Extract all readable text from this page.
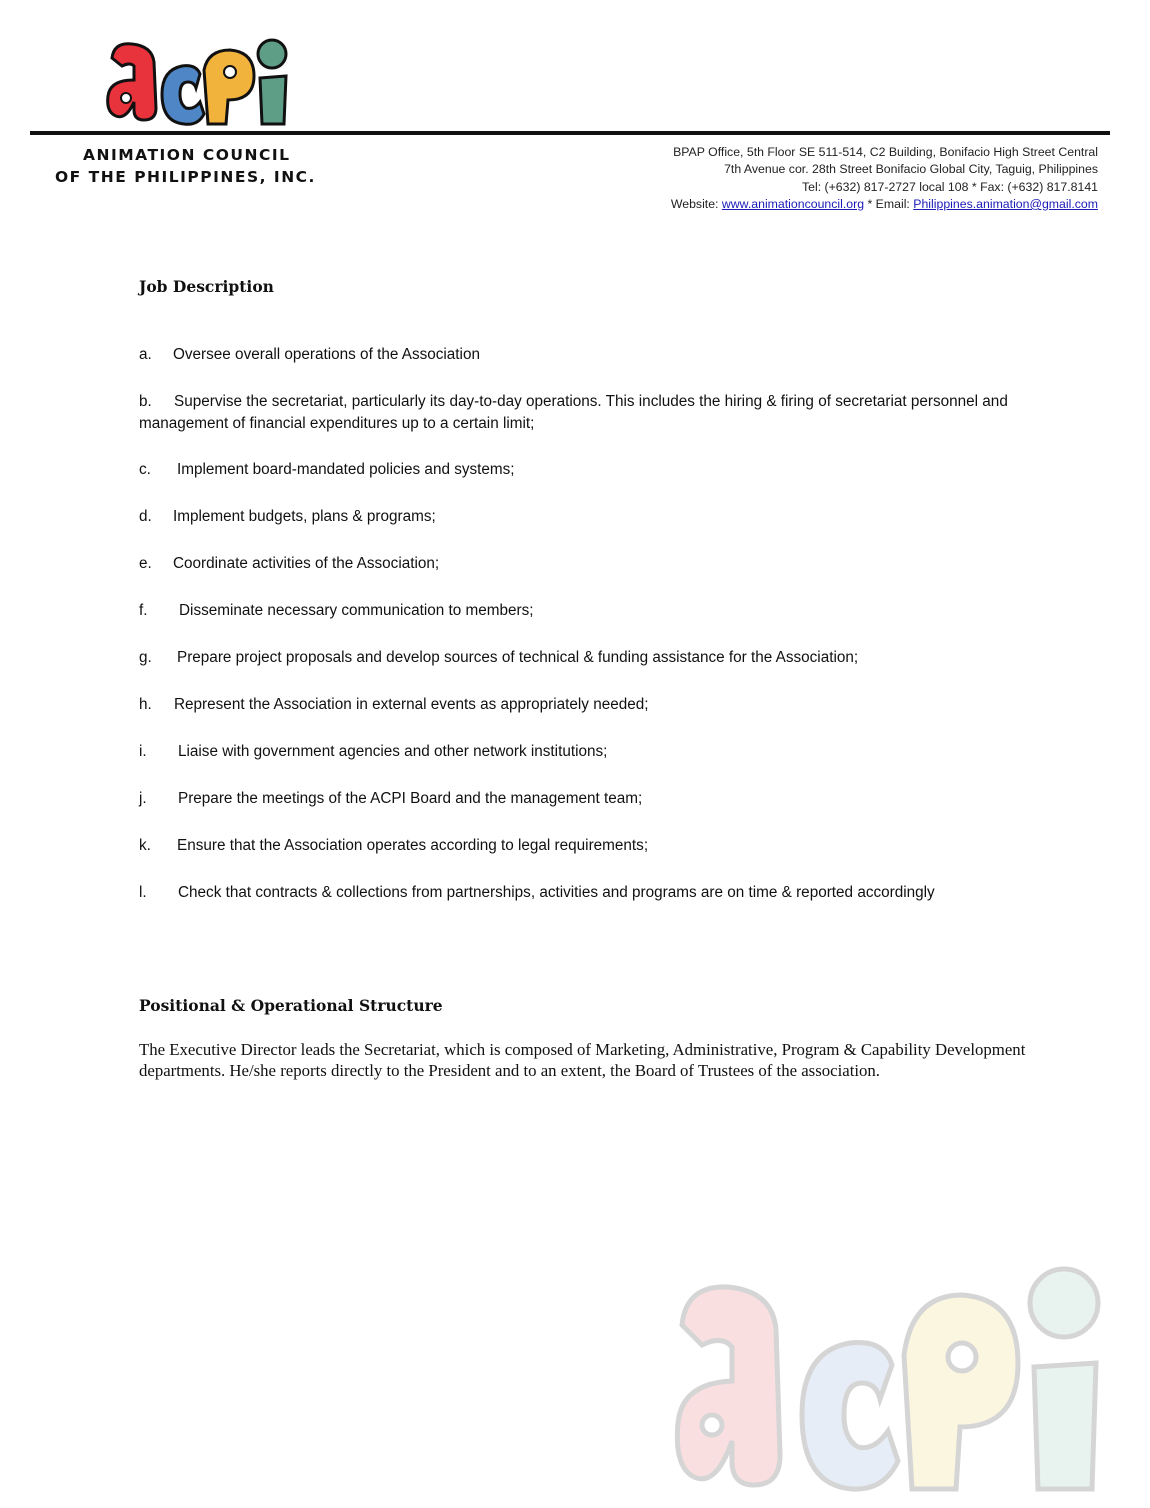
ANIMATION COUNCIL
OF THE PHILIPPINES, INC.
BPAP Office, 5th Floor SE 511-514, C2 Building, Bonifacio High Street Central
7th Avenue cor. 28th Street Bonifacio Global City, Taguig, Philippines
Tel: (+632) 817-2727 local 108 * Fax: (+632) 817.8141
Website: www.animationcouncil.org * Email: Philippines.animation@gmail.com
Job Description
a. Oversee overall operations of the Association
b. Supervise the secretariat, particularly its day-to-day operations. This includes the hiring & firing of secretariat personnel and management of financial expenditures up to a certain limit;
c. Implement board-mandated policies and systems;
d. Implement budgets, plans & programs;
e. Coordinate activities of the Association;
f. Disseminate necessary communication to members;
g. Prepare project proposals and develop sources of technical & funding assistance for the Association;
h. Represent the Association in external events as appropriately needed;
i. Liaise with government agencies and other network institutions;
j. Prepare the meetings of the ACPI Board and the management team;
k. Ensure that the Association operates according to legal requirements;
l. Check that contracts & collections from partnerships, activities and programs are on time & reported accordingly
Positional & Operational Structure
The Executive Director leads the Secretariat, which is composed of Marketing, Administrative, Program & Capability Development departments. He/she reports directly to the President and to an extent, the Board of Trustees of the association.
